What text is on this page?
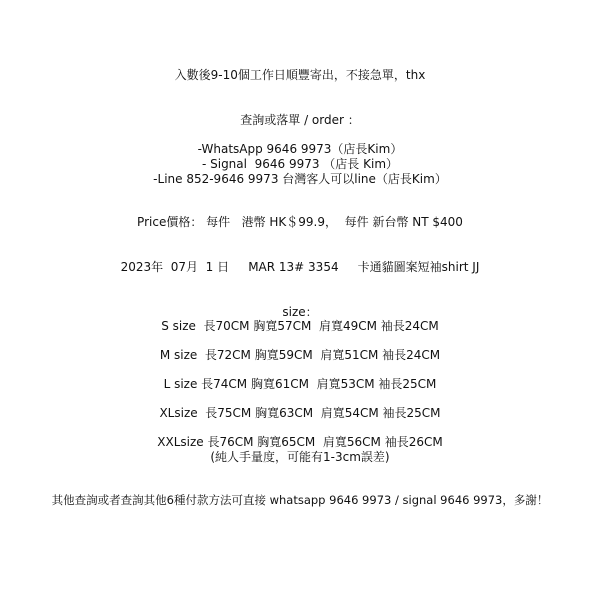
入數後9-10個工作日順豐寄出，不接急單，thx
查詢或落單 / order ：
-WhatsApp 9646 9973（店長Kim）
- Signal  9646 9973 （店長 Kim）
-Line 852-9646 9973 台灣客人可以line（店長Kim）
Price價格： 每件   港幣 HK＄99.9，  每件 新台幣 NT $400
2023年  07月  1 日     MAR 13# 3354     卡通貓圖案短袖shirt JJ
size：
S size  長70CM 胸寬57CM  肩寬49CM 袖長24CM
M size  長72CM 胸寬59CM  肩寬51CM 袖長24CM
L size 長74CM 胸寬61CM  肩寬53CM 袖長25CM
XLsize  長75CM 胸寬63CM  肩寬54CM 袖長25CM
XXLsize 長76CM 胸寬65CM  肩寬56CM 袖長26CM
(純人手量度，可能有1-3cm誤差)
其他查詢或者查詢其他6種付款方法可直接 whatsapp 9646 9973 / signal 9646 9973，多謝！
